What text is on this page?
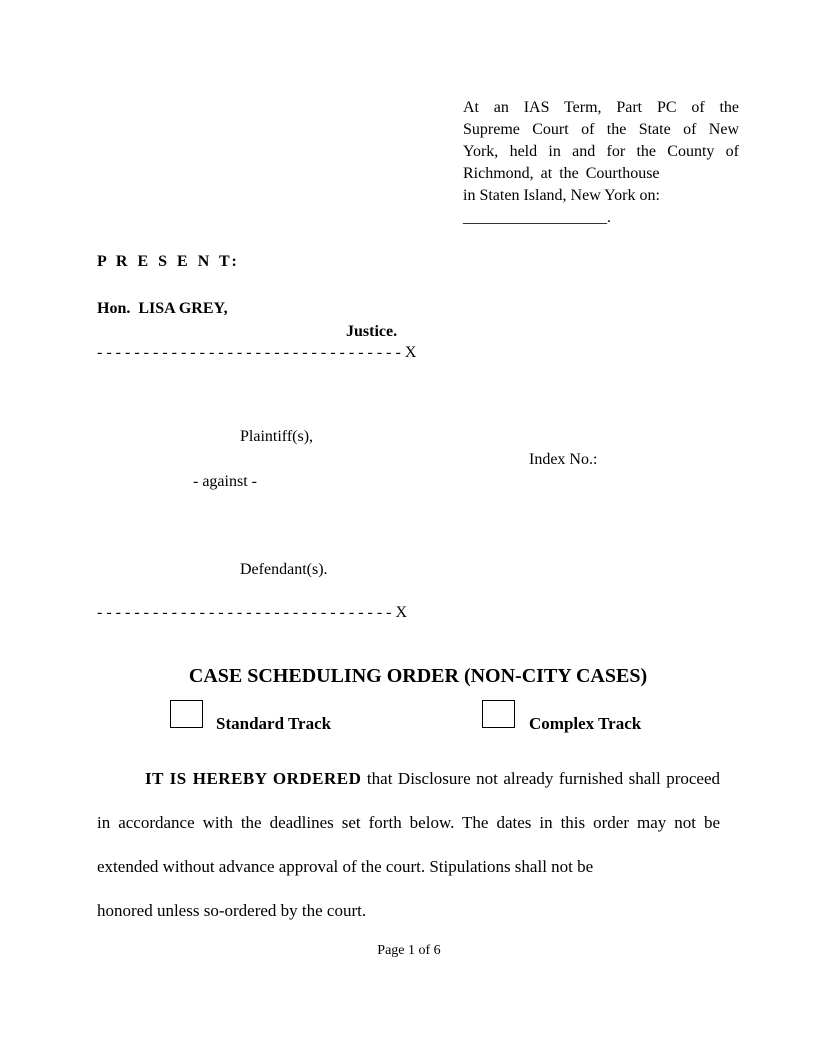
At an IAS Term, Part PC of the
Supreme Court of the State of New
York, held in and for the County of
Richmond, at the Courthouse
in Staten Island, New York on:
__________________.
P R E S E N T:
Hon. LISA GREY,
Justice.
- - - - - - - - - - - - - - - - - - - - - - - - - - - - - - - - - X
Plaintiff(s),
Index No.:
- against -
Defendant(s).
- - - - - - - - - - - - - - - - - - - - - - - - - - - - - - - - X
CASE SCHEDULING ORDER (NON-CITY CASES)
Standard Track	Complex Track
IT IS HEREBY ORDERED that Disclosure not already furnished shall proceed in accordance with the deadlines set forth below. The dates in this order may not be extended without advance approval of the court. Stipulations shall not be
honored unless so-ordered by the court.
Page 1 of 6
